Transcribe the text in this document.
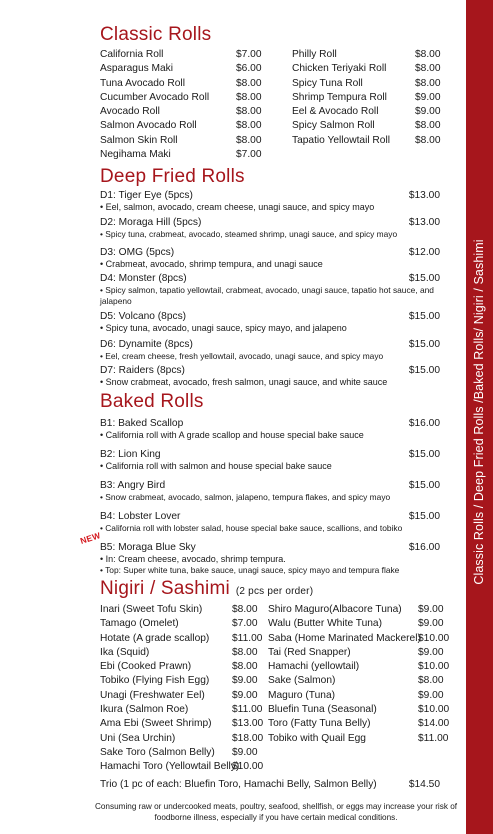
Classic Rolls
California Roll	$7.00
Asparagus Maki	$6.00
Tuna Avocado Roll	$8.00
Cucumber Avocado Roll	$8.00
Avocado Roll	$8.00
Salmon Avocado Roll	$8.00
Salmon Skin Roll	$8.00
Negihama Maki	$7.00
Philly Roll	$8.00
Chicken Teriyaki Roll	$8.00
Spicy Tuna Roll	$8.00
Shrimp Tempura Roll	$9.00
Eel & Avocado Roll	$9.00
Spicy Salmon Roll	$8.00
Tapatio Yellowtail Roll $8.00
Deep Fried Rolls
D1: Tiger Eye (5pcs)	$13.00
• Eel, salmon, avocado, cream cheese, unagi sauce, and spicy mayo
D2: Moraga Hill (5pcs)	$13.00
• Spicy tuna, crabmeat, avocado, steamed shrimp, unagi sauce, and spicy mayo
D3: OMG (5pcs)	$12.00
• Crabmeat, avocado, shrimp tempura, and unagi sauce
D4: Monster (8pcs)	$15.00
• Spicy salmon, tapatio yellowtail, crabmeat, avocado, unagi sauce, tapatio hot sauce, and jalapeno
D5: Volcano (8pcs)	$15.00
• Spicy tuna, avocado, unagi sauce, spicy mayo, and jalapeno
D6: Dynamite (8pcs)	$15.00
• Eel, cream cheese, fresh yellowtail, avocado, unagi sauce, and spicy mayo
D7: Raiders (8pcs)	$15.00
• Snow crabmeat, avocado, fresh salmon, unagi sauce, and white sauce
Baked Rolls
NEW
B1: Baked Scallop	$16.00
• California roll with A grade scallop and house special bake sauce
B2: Lion King	$15.00
• California roll with salmon and house special bake sauce
B3: Angry Bird	$15.00
• Snow crabmeat, avocado, salmon, jalapeno, tempura flakes, and spicy mayo
B4: Lobster Lover	$15.00
• California roll with lobster salad, house special bake sauce, scallions, and tobiko
B5: Moraga Blue Sky	$16.00
• In: Cream cheese, avocado, shrimp tempura.
• Top: Super white tuna, bake sauce, unagi sauce, spicy mayo and tempura flake
Nigiri / Sashimi (2 pcs per order)
Inari (Sweet Tofu Skin)	$8.00
Tamago (Omelet)	$7.00
Hotate (A grade scallop) $11.00
Ika (Squid)	$8.00
Ebi (Cooked Prawn)	$8.00
Tobiko (Flying Fish Egg) $9.00
Unagi (Freshwater Eel)	$9.00
Ikura (Salmon Roe)	$11.00
Ama Ebi (Sweet Shrimp) $13.00
Uni (Sea Urchin)	$18.00
Sake Toro (Salmon Belly) $9.00
Hamachi Toro (Yellowtail Belly)
$10.00
Shiro Maguro(Albacore Tuna) $9.00
Walu (Butter White Tuna)	$9.00
Saba (Home Marinated Mackerel)
$10.00
Tai (Red Snapper)	$9.00
Hamachi (yellowtail)	$10.00
Sake (Salmon)	$8.00
Maguro (Tuna)	$9.00
Bluefin Tuna (Seasonal)	$10.00
Toro (Fatty Tuna Belly)	$14.00
Tobiko with Quail Egg	$11.00
Trio (1 pc of each: Bluefin Toro, Hamachi Belly, Salmon Belly)	$14.50
Consuming raw or undercooked meats, poultry, seafood, shellfish, or eggs may increase your risk of foodborne illness, especially if you have certain medical conditions.
Classic Rolls / Deep Fried Rolls /Baked Rolls/ Nigiri / Sashimi
